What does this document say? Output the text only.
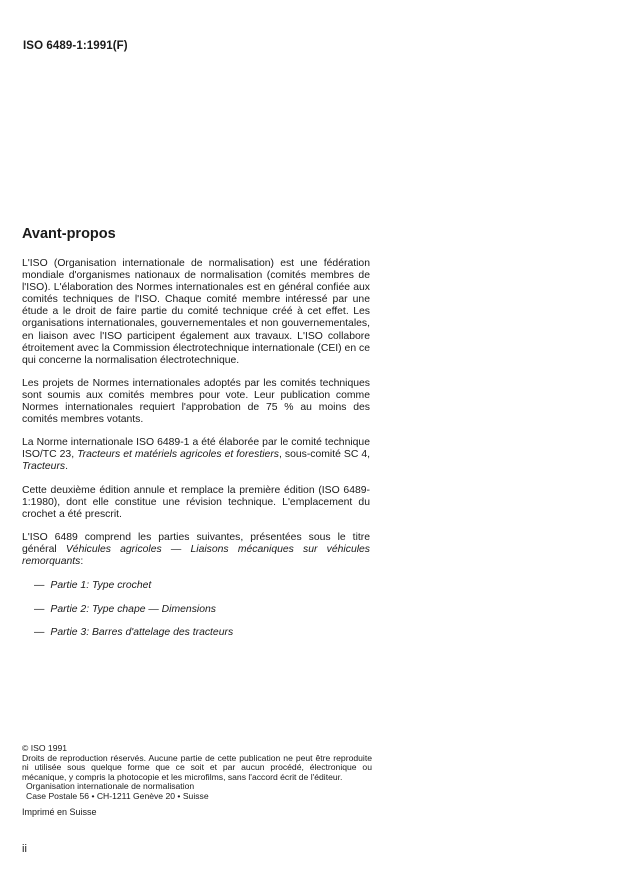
ISO 6489-1:1991(F)
Avant-propos

L'ISO (Organisation internationale de normalisation) est une fédération mondiale d'organismes nationaux de normalisation (comités membres de l'ISO). L'élaboration des Normes internationales est en général confiée aux comités techniques de l'ISO. Chaque comité membre intéressé par une étude a le droit de faire partie du comité technique créé à cet effet. Les organisations internationales, gouvernementales et non gouvernementales, en liaison avec l'ISO participent également aux travaux. L'ISO collabore étroitement avec la Commission électrotechnique internationale (CEI) en ce qui concerne la normalisation électrotechnique.

Les projets de Normes internationales adoptés par les comités techniques sont soumis aux comités membres pour vote. Leur publication comme Normes internationales requiert l'approbation de 75 % au moins des comités membres votants.

La Norme internationale ISO 6489-1 a été élaborée par le comité technique ISO/TC 23, Tracteurs et matériels agricoles et forestiers, sous-comité SC 4, Tracteurs.

Cette deuxième édition annule et remplace la première édition (ISO 6489-1:1980), dont elle constitue une révision technique. L'emplacement du crochet a été prescrit.

L'ISO 6489 comprend les parties suivantes, présentées sous le titre général Véhicules agricoles — Liaisons mécaniques sur véhicules remorquants:

— Partie 1: Type crochet
— Partie 2: Type chape — Dimensions
— Partie 3: Barres d'attelage des tracteurs
© ISO 1991
Droits de reproduction réservés. Aucune partie de cette publication ne peut être reproduite ni utilisée sous quelque forme que ce soit et par aucun procédé, électronique ou mécanique, y compris la photocopie et les microfilms, sans l'accord écrit de l'éditeur.
Organisation internationale de normalisation
Case Postale 56 • CH-1211 Genève 20 • Suisse
Imprimé en Suisse
ii
